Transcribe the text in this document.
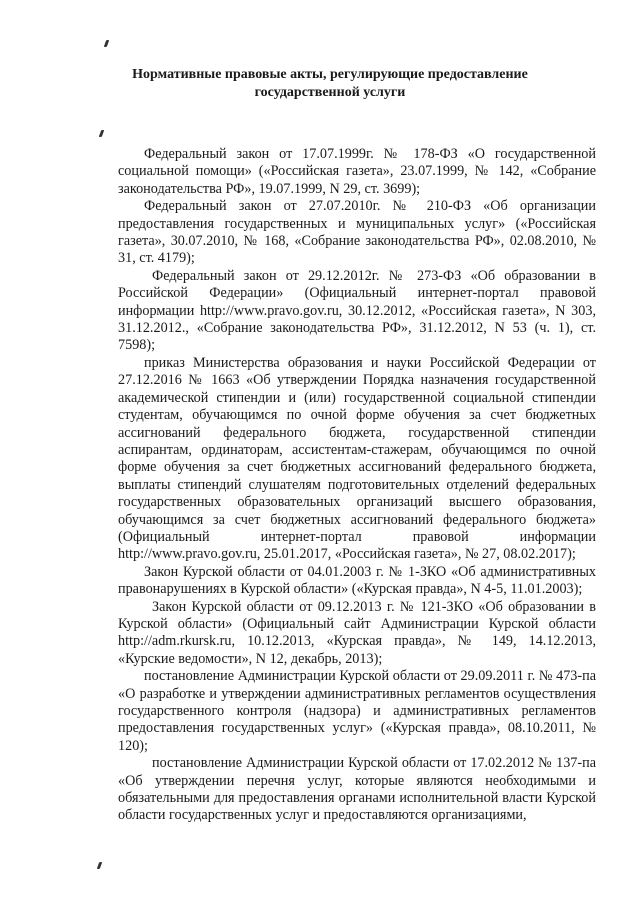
Нормативные правовые акты, регулирующие предоставление
государственной услуги

Федеральный закон от 17.07.1999г. № 178-ФЗ «О государственной социальной помощи» («Российская газета», 23.07.1999, № 142, «Собрание законодательства РФ», 19.07.1999, N 29, ст. 3699);

Федеральный закон от 27.07.2010г. № 210-ФЗ «Об организации предоставления государственных и муниципальных услуг» («Российская газета», 30.07.2010, № 168, «Собрание законодательства РФ», 02.08.2010, № 31, ст. 4179);

Федеральный закон от 29.12.2012г. № 273-ФЗ «Об образовании в Российской Федерации» (Официальный интернет-портал правовой информации http://www.pravo.gov.ru, 30.12.2012, «Российская газета», N 303, 31.12.2012., «Собрание законодательства РФ», 31.12.2012, N 53 (ч. 1), ст. 7598);

приказ Министерства образования и науки Российской Федерации от 27.12.2016 № 1663 «Об утверждении Порядка назначения государственной академической стипендии и (или) государственной социальной стипендии студентам, обучающимся по очной форме обучения за счет бюджетных ассигнований федерального бюджета, государственной стипендии аспирантам, ординаторам, ассистентам-стажерам, обучающимся по очной форме обучения за счет бюджетных ассигнований федерального бюджета, выплаты стипендий слушателям подготовительных отделений федеральных государственных образовательных организаций высшего образования, обучающимся за счет бюджетных ассигнований федерального бюджета» (Официальный интернет-портал правовой информации http://www.pravo.gov.ru, 25.01.2017, «Российская газета», № 27, 08.02.2017);

Закон Курской области от 04.01.2003 г. № 1-ЗКО «Об административных правонарушениях в Курской области» («Курская правда», N 4-5, 11.01.2003);

Закон Курской области от 09.12.2013 г. № 121-ЗКО «Об образовании в Курской области» (Официальный сайт Администрации Курской области http://adm.rkursk.ru, 10.12.2013, «Курская правда», № 149, 14.12.2013, «Курские ведомости», N 12, декабрь, 2013);

постановление Администрации Курской области от 29.09.2011 г. № 473-па «О разработке и утверждении административных регламентов осуществления государственного контроля (надзора) и административных регламентов предоставления государственных услуг» («Курская правда», 08.10.2011, № 120);

постановление Администрации Курской области от 17.02.2012 № 137-па «Об утверждении перечня услуг, которые являются необходимыми и обязательными для предоставления органами исполнительной власти Курской области государственных услуг и предоставляются организациями,
